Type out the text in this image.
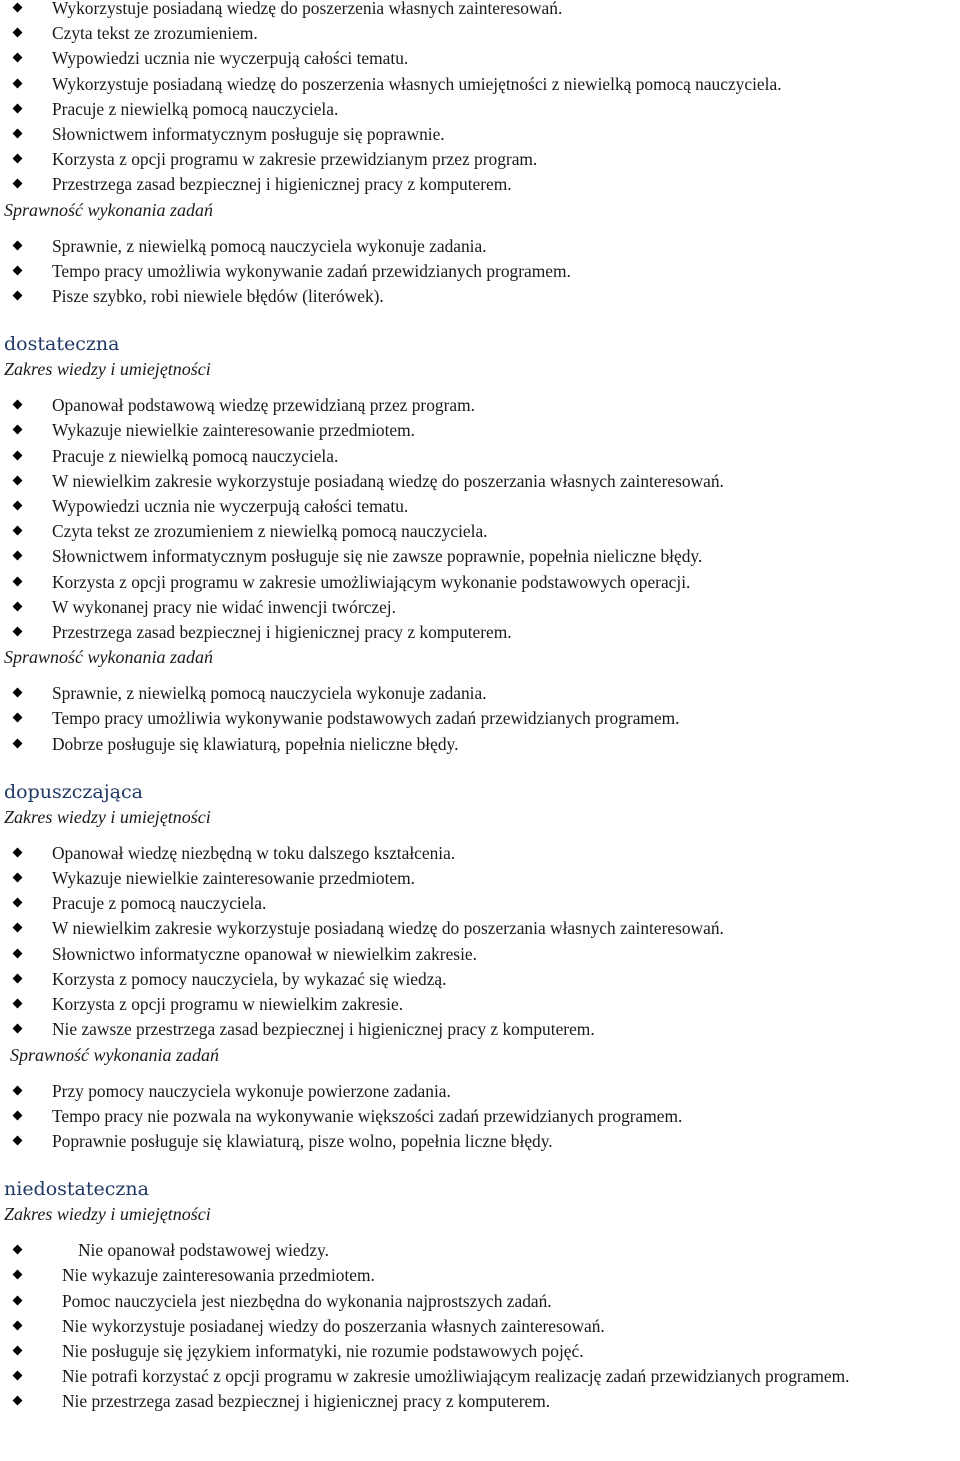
Wykorzystuje posiadaną wiedzę do poszerzenia własnych zainteresowań.
Czyta tekst ze zrozumieniem.
Wypowiedzi ucznia nie wyczerpują całości tematu.
Wykorzystuje posiadaną wiedzę do poszerzenia własnych umiejętności z niewielką pomocą nauczyciela.
Pracuje z niewielką pomocą nauczyciela.
Słownictwem informatycznym posługuje się poprawnie.
Korzysta z opcji programu w zakresie przewidzianym przez program.
Przestrzega zasad bezpiecznej i higienicznej pracy z komputerem.
Sprawność wykonania zadań
Sprawnie, z niewielką pomocą nauczyciela wykonuje zadania.
Tempo pracy umożliwia wykonywanie zadań przewidzianych programem.
Pisze szybko, robi niewiele błędów (literówek).
dostateczna
Zakres wiedzy i umiejętności
Opanował podstawową wiedzę przewidzianą przez program.
Wykazuje niewielkie zainteresowanie przedmiotem.
Pracuje z niewielką pomocą nauczyciela.
W niewielkim zakresie wykorzystuje posiadaną wiedzę do poszerzania własnych zainteresowań.
Wypowiedzi ucznia nie wyczerpują całości tematu.
Czyta tekst ze zrozumieniem z niewielką pomocą nauczyciela.
Słownictwem informatycznym posługuje się nie zawsze poprawnie, popełnia nieliczne błędy.
Korzysta z opcji programu w zakresie umożliwiającym wykonanie podstawowych operacji.
W wykonanej pracy nie widać inwencji twórczej.
Przestrzega zasad bezpiecznej i higienicznej pracy z komputerem.
Sprawność wykonania zadań
Sprawnie, z niewielką pomocą nauczyciela wykonuje zadania.
Tempo pracy umożliwia wykonywanie podstawowych zadań przewidzianych programem.
Dobrze posługuje się klawiaturą, popełnia nieliczne błędy.
dopuszczająca
Zakres wiedzy i umiejętności
Opanował wiedzę niezbędną w toku dalszego kształcenia.
Wykazuje niewielkie zainteresowanie przedmiotem.
Pracuje z pomocą nauczyciela.
W niewielkim zakresie wykorzystuje posiadaną wiedzę do poszerzania własnych zainteresowań.
Słownictwo informatyczne opanował w niewielkim zakresie.
Korzysta z pomocy nauczyciela, by wykazać się wiedzą.
Korzysta z opcji programu w niewielkim zakresie.
Nie zawsze przestrzega zasad bezpiecznej i higienicznej pracy z komputerem.
Sprawność wykonania zadań
Przy pomocy nauczyciela wykonuje powierzone zadania.
Tempo pracy nie pozwala na wykonywanie większości zadań przewidzianych programem.
Poprawnie posługuje się klawiaturą, pisze wolno, popełnia liczne błędy.
niedostateczna
Zakres wiedzy i umiejętności
Nie opanował podstawowej wiedzy.
Nie wykazuje zainteresowania przedmiotem.
Pomoc nauczyciela jest niezbędna do wykonania najprostszych zadań.
Nie wykorzystuje posiadanej wiedzy do poszerzania własnych zainteresowań.
Nie posługuje się językiem informatyki, nie rozumie podstawowych pojęć.
Nie potrafi korzystać z opcji programu w zakresie umożliwiającym realizację zadań przewidzianych programem.
Nie przestrzega zasad bezpiecznej i higienicznej pracy z komputerem.
